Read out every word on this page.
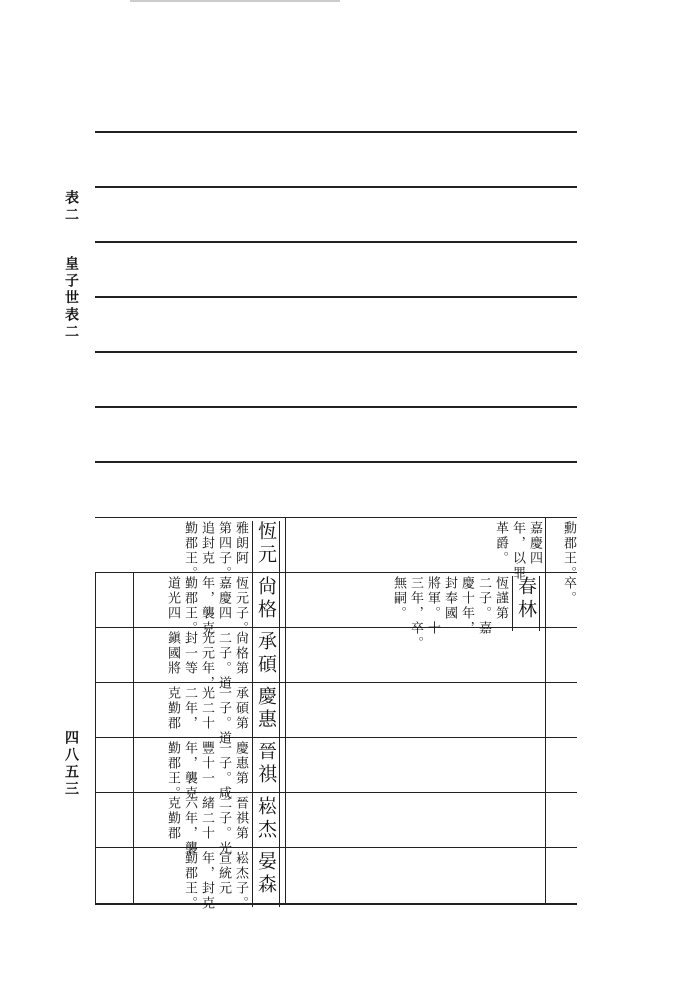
表二
皇子世表二
四八五三
勳郡王。
卒。
嘉慶四
年，以罪
革爵。
春林
恆謹第
二子。嘉
慶十年，
封奉國
將軍。十
三年，卒。
無嗣。
恆元
雅朗阿
第四子。
追封克
勤郡王。
尙格
恆元子。
嘉慶四
年，襲克
勤郡王。
道光四
承碩
尙格第
二子。道
光元年，
封一等
鎭國將
慶惠
承碩第
一子。道
光二十
二年，
克勤郡
晉祺
慶惠第
一子。咸
豐十一
年，襲克
勤郡王。
崧杰
晉祺第
二子。光
緒二十
六年，襲
克勤郡
晏森
崧杰子。
宣統元
年，封克
勤郡王。
